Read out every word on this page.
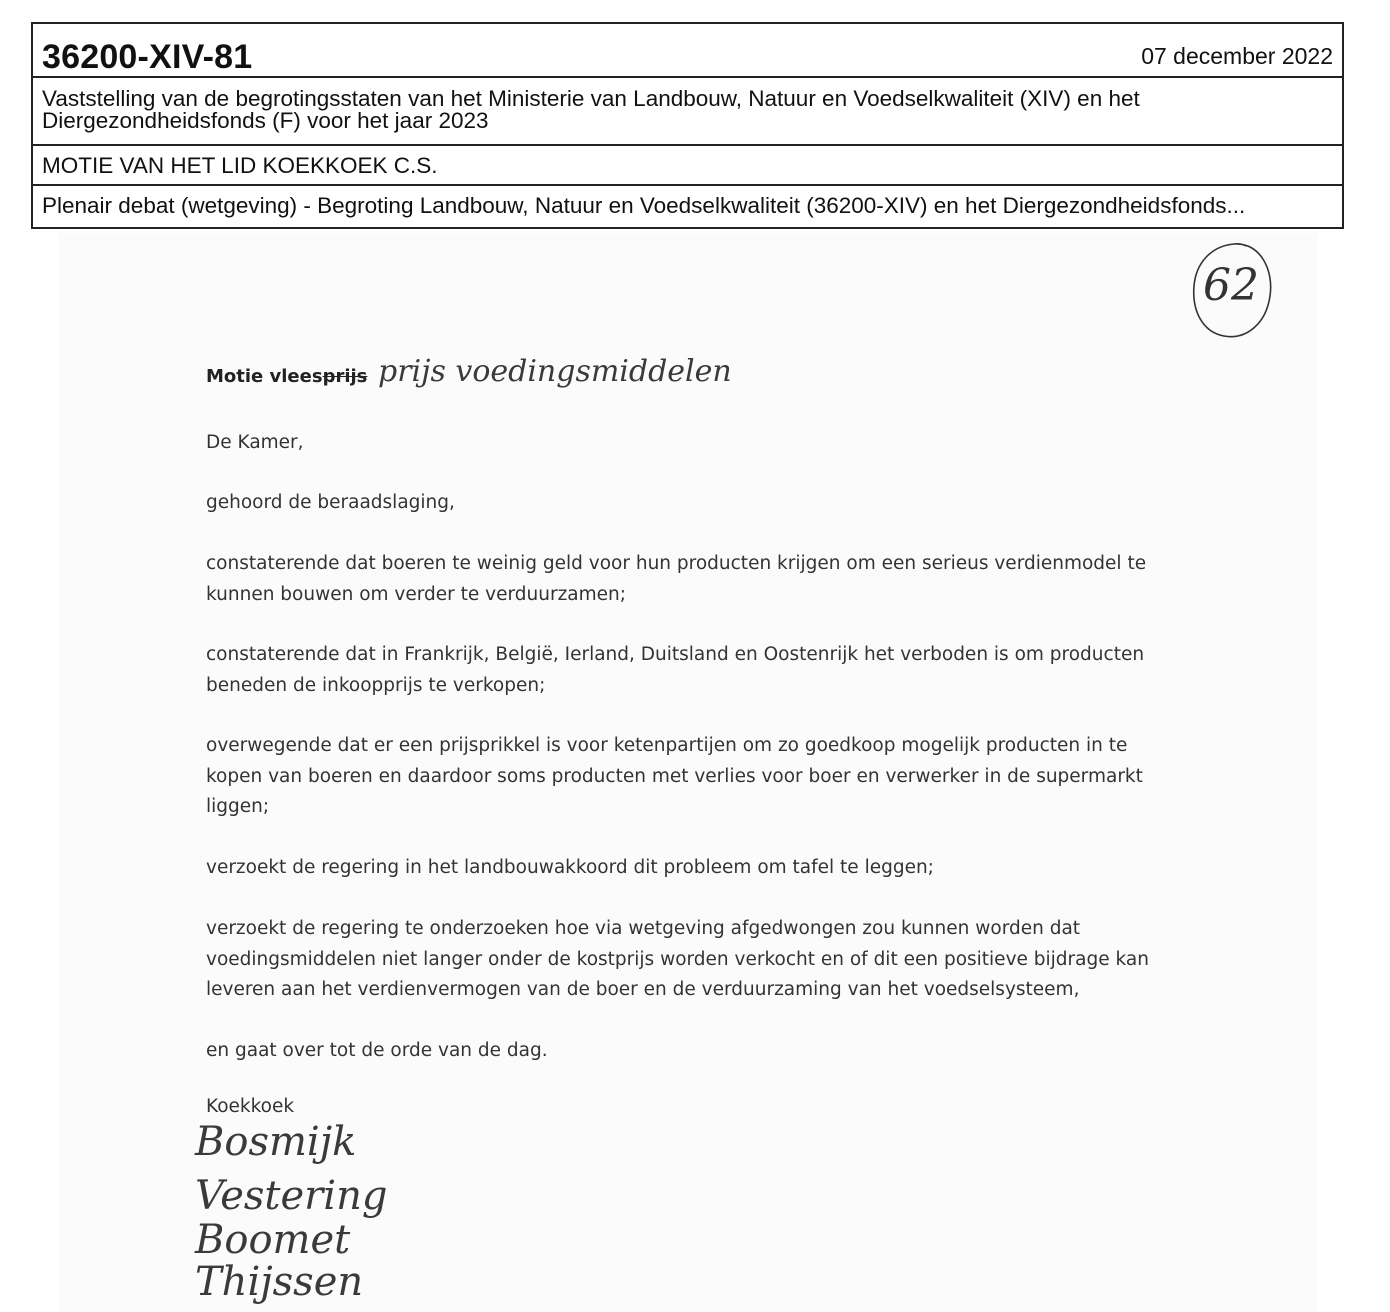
36200-XIV-81	07 december 2022
Vaststelling van de begrotingsstaten van het Ministerie van Landbouw, Natuur en Voedselkwaliteit (XIV) en het Diergezondheidsfonds (F) voor het jaar 2023
MOTIE VAN HET LID KOEKKOEK C.S.
Plenair debat (wetgeving) - Begroting Landbouw, Natuur en Voedselkwaliteit (36200-XIV) en het Diergezondheidsfonds...
62
Motie vleesprijs prijs voedingsmiddelen

De Kamer,

gehoord de beraadslaging,

constaterende dat boeren te weinig geld voor hun producten krijgen om een serieus verdienmodel te kunnen bouwen om verder te verduurzamen;

constaterende dat in Frankrijk, België, Ierland, Duitsland en Oostenrijk het verboden is om producten beneden de inkoopprijs te verkopen;

overwegende dat er een prijsprikkel is voor ketenpartijen om zo goedkoop mogelijk producten in te kopen van boeren en daardoor soms producten met verlies voor boer en verwerker in de supermarkt liggen;

verzoekt de regering in het landbouwakkoord dit probleem om tafel te leggen;

verzoekt de regering te onderzoeken hoe via wetgeving afgedwongen zou kunnen worden dat voedingsmiddelen niet langer onder de kostprijs worden verkocht en of dit een positieve bijdrage kan leveren aan het verdienvermogen van de boer en de verduurzaming van het voedselsysteem,

en gaat over tot de orde van de dag.

Koekkoek
Bosmijk
Vestering
Boomet
Thijssen
